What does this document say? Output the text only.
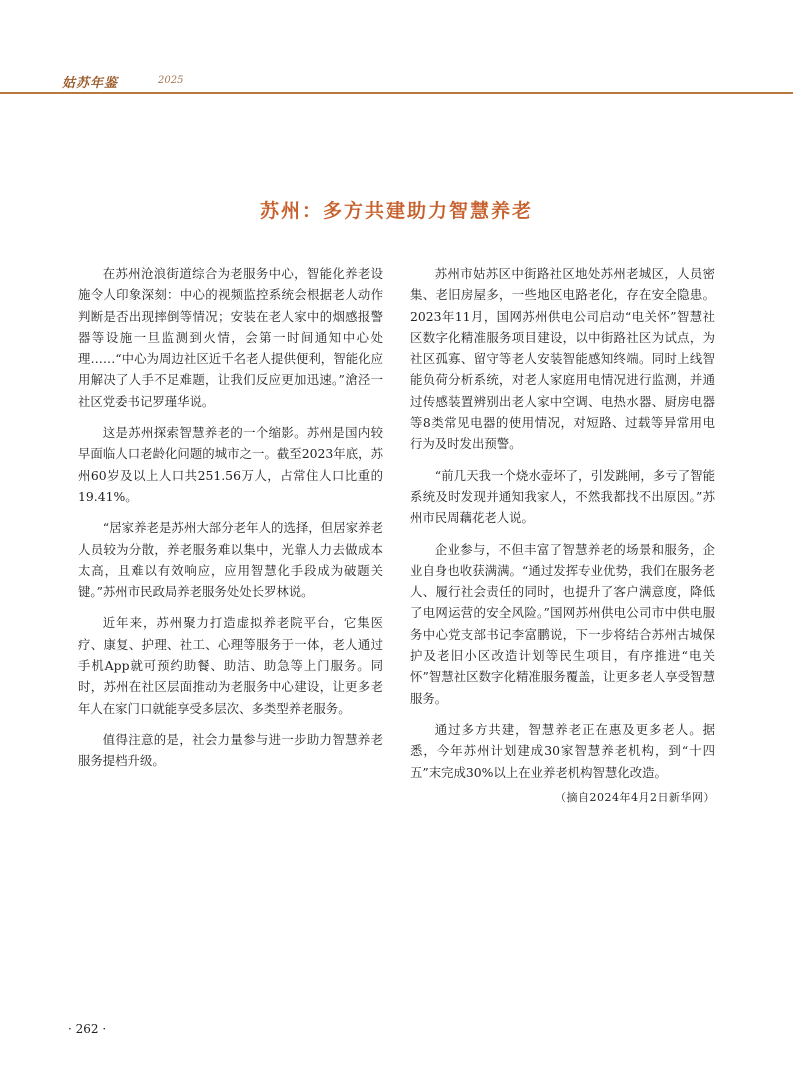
姑苏年鉴	2025
苏州：多方共建助力智慧养老

在苏州沧浪街道综合为老服务中心，智能化养老设施令人印象深刻：中心的视频监控系统会根据老人动作判断是否出现摔倒等情况；安装在老人家中的烟感报警器等设施一旦监测到火情，会第一时间通知中心处理……“中心为周边社区近千名老人提供便利，智能化应用解决了人手不足难题，让我们反应更加迅速。”滄泾一社区党委书记罗瑾华说。

这是苏州探索智慧养老的一个缩影。苏州是国内较早面临人口老龄化问题的城市之一。截至2023年底，苏州60岁及以上人口共251.56万人，占常住人口比重的19.41%。

“居家养老是苏州大部分老年人的选择，但居家养老人员较为分散，养老服务难以集中，光靠人力去做成本太高，且难以有效响应，应用智慧化手段成为破题关键。”苏州市民政局养老服务处处长罗林说。

近年来，苏州聚力打造虚拟养老院平台，它集医疗、康复、护理、社工、心理等服务于一体，老人通过手机App就可预约助餐、助洁、助急等上门服务。同时，苏州在社区层面推动为老服务中心建设，让更多老年人在家门口就能享受多层次、多类型养老服务。

值得注意的是，社会力量参与进一步助力智慧养老服务提档升级。

苏州市姑苏区中街路社区地处苏州老城区，人员密集、老旧房屋多，一些地区电路老化，存在安全隐患。2023年11月，国网苏州供电公司启动“电关怀”智慧社区数字化精准服务项目建设，以中街路社区为试点，为社区孤寡、留守等老人安装智能感知终端。同时上线智能负荷分析系统，对老人家庭用电情况进行监测，并通过传感装置辨别出老人家中空调、电热水器、厨房电器等8类常见电器的使用情况，对短路、过载等异常用电行为及时发出预警。

“前几天我一个烧水壶坏了，引发跳闸，多亏了智能系统及时发现并通知我家人，不然我都找不出原因。”苏州市民周藕花老人说。

企业参与，不但丰富了智慧养老的场景和服务，企业自身也收获满满。“通过发挥专业优势，我们在服务老人、履行社会责任的同时，也提升了客户满意度，降低了电网运营的安全风险。”国网苏州供电公司市中供电服务中心党支部书记李富鹏说，下一步将结合苏州古城保护及老旧小区改造计划等民生项目，有序推进“电关怀”智慧社区数字化精准服务覆盖，让更多老人享受智慧服务。

通过多方共建，智慧养老正在惠及更多老人。据悉，今年苏州计划建成30家智慧养老机构，到“十四五”末完成30%以上在业养老机构智慧化改造。

（摘自2024年4月2日新华网）
· 262 ·
